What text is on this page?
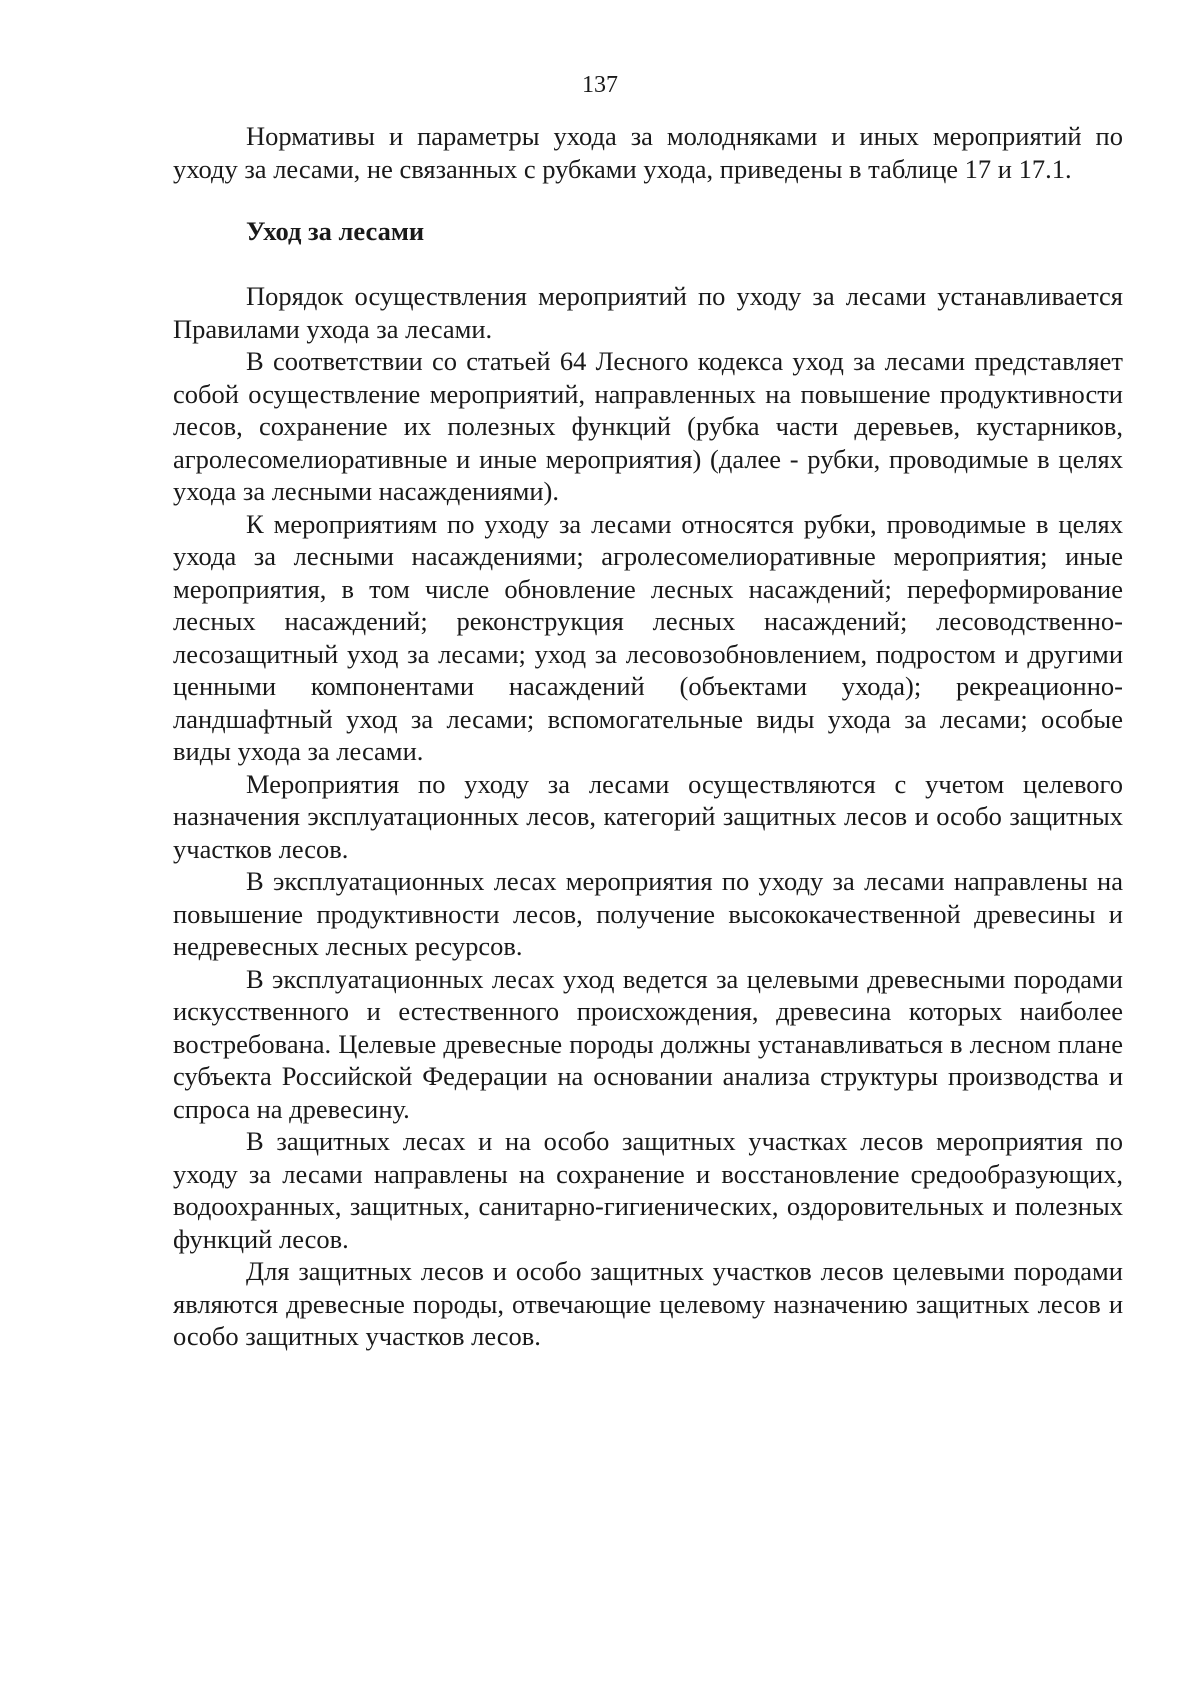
137

Нормативы и параметры ухода за молодняками и иных мероприятий по уходу за лесами, не связанных с рубками ухода, приведены в таблице 17 и 17.1.

Уход за лесами

Порядок осуществления мероприятий по уходу за лесами устанавливается Правилами ухода за лесами.

В соответствии со статьей 64 Лесного кодекса уход за лесами представляет собой осуществление мероприятий, направленных на повышение продуктивности лесов, сохранение их полезных функций (рубка части деревьев, кустарников, агролесомелиоративные и иные мероприятия) (далее - рубки, проводимые в целях ухода за лесными насаждениями).

К мероприятиям по уходу за лесами относятся рубки, проводимые в целях ухода за лесными насаждениями; агролесомелиоративные мероприятия; иные мероприятия, в том числе обновление лесных насаждений; переформирование лесных насаждений; реконструкция лесных насаждений; лесоводственно-лесозащитный уход за лесами; уход за лесовозобновлением, подростом и другими ценными компонентами насаждений (объектами ухода); рекреационно-ландшафтный уход за лесами; вспомогательные виды ухода за лесами; особые виды ухода за лесами.

Мероприятия по уходу за лесами осуществляются с учетом целевого назначения эксплуатационных лесов, категорий защитных лесов и особо защитных участков лесов.

В эксплуатационных лесах мероприятия по уходу за лесами направлены на повышение продуктивности лесов, получение высококачественной древесины и недревесных лесных ресурсов.

В эксплуатационных лесах уход ведется за целевыми древесными породами искусственного и естественного происхождения, древесина которых наиболее востребована. Целевые древесные породы должны устанавливаться в лесном плане субъекта Российской Федерации на основании анализа структуры производства и спроса на древесину.

В защитных лесах и на особо защитных участках лесов мероприятия по уходу за лесами направлены на сохранение и восстановление средообразующих, водоохранных, защитных, санитарно-гигиенических, оздоровительных и полезных функций лесов.

Для защитных лесов и особо защитных участков лесов целевыми породами являются древесные породы, отвечающие целевому назначению защитных лесов и особо защитных участков лесов.
